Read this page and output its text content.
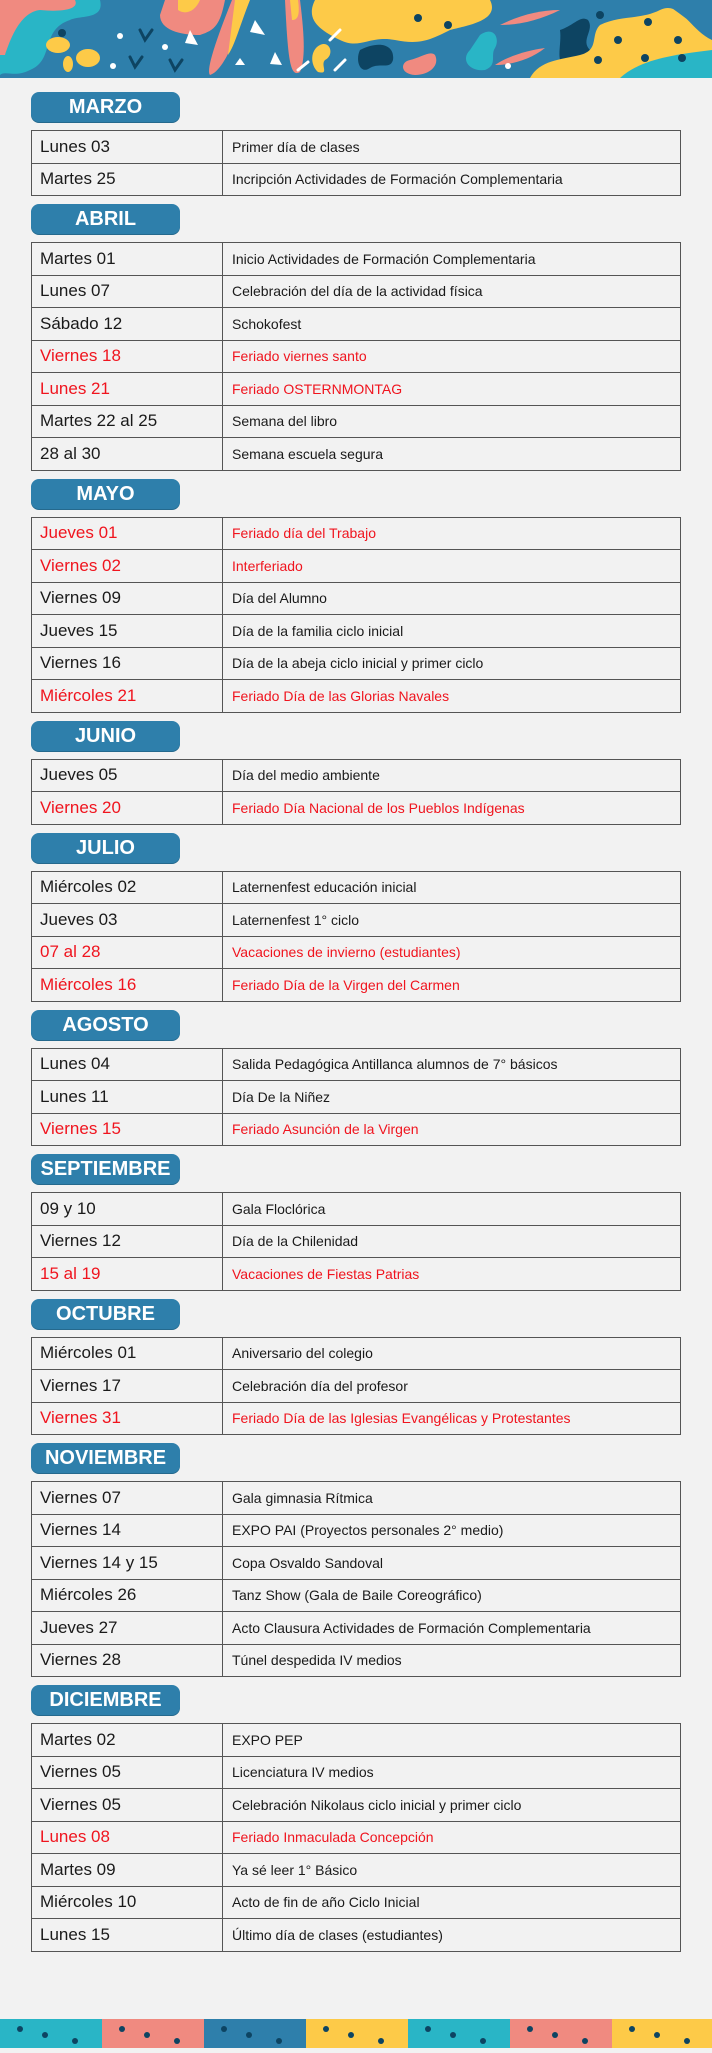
MARZO
Lunes 03	Primer día de clases
Martes 25	Incripción Actividades de Formación Complementaria
ABRIL
Martes 01	Inicio Actividades de Formación Complementaria
Lunes 07	Celebración del día de la actividad física
Sábado 12	Schokofest
Viernes 18	Feriado viernes santo
Lunes 21	Feriado OSTERNMONTAG
Martes 22 al 25	Semana del libro
28 al 30	Semana escuela segura
MAYO
Jueves 01	Feriado día del Trabajo
Viernes 02	Interferiado
Viernes 09	Día del Alumno
Jueves 15	Día de la familia ciclo inicial
Viernes 16	Día de la abeja ciclo inicial y primer ciclo
Miércoles 21	Feriado Día de las Glorias Navales
JUNIO
Jueves 05	Día del medio ambiente
Viernes 20	Feriado Día Nacional de los Pueblos Indígenas
JULIO
Miércoles 02	Laternenfest educación inicial
Jueves 03	Laternenfest 1° ciclo
07 al 28	Vacaciones de invierno (estudiantes)
Miércoles 16	Feriado Día de la Virgen del Carmen
AGOSTO
Lunes 04	Salida Pedagógica Antillanca alumnos de 7° básicos
Lunes 11	Día De la Niñez
Viernes 15	Feriado Asunción de la Virgen
SEPTIEMBRE
09 y 10	Gala Floclórica
Viernes 12	Día de la Chilenidad
15 al 19	Vacaciones de Fiestas Patrias
OCTUBRE
Miércoles 01	Aniversario del colegio
Viernes 17	Celebración día del profesor
Viernes 31	Feriado Día de las Iglesias Evangélicas y Protestantes
NOVIEMBRE
Viernes 07	Gala gimnasia Rítmica
Viernes 14	EXPO PAI (Proyectos personales 2° medio)
Viernes 14 y 15	Copa Osvaldo Sandoval
Miércoles 26	Tanz Show (Gala de Baile Coreográfico)
Jueves 27	Acto Clausura Actividades de Formación Complementaria
Viernes 28	Túnel despedida IV medios
DICIEMBRE
Martes 02	EXPO PEP
Viernes 05	Licenciatura IV medios
Viernes 05	Celebración Nikolaus ciclo inicial y primer ciclo
Lunes 08	Feriado Inmaculada Concepción
Martes 09	Ya sé leer 1° Básico
Miércoles 10	Acto de fin de año Ciclo Inicial
Lunes 15	Último día de clases (estudiantes)
